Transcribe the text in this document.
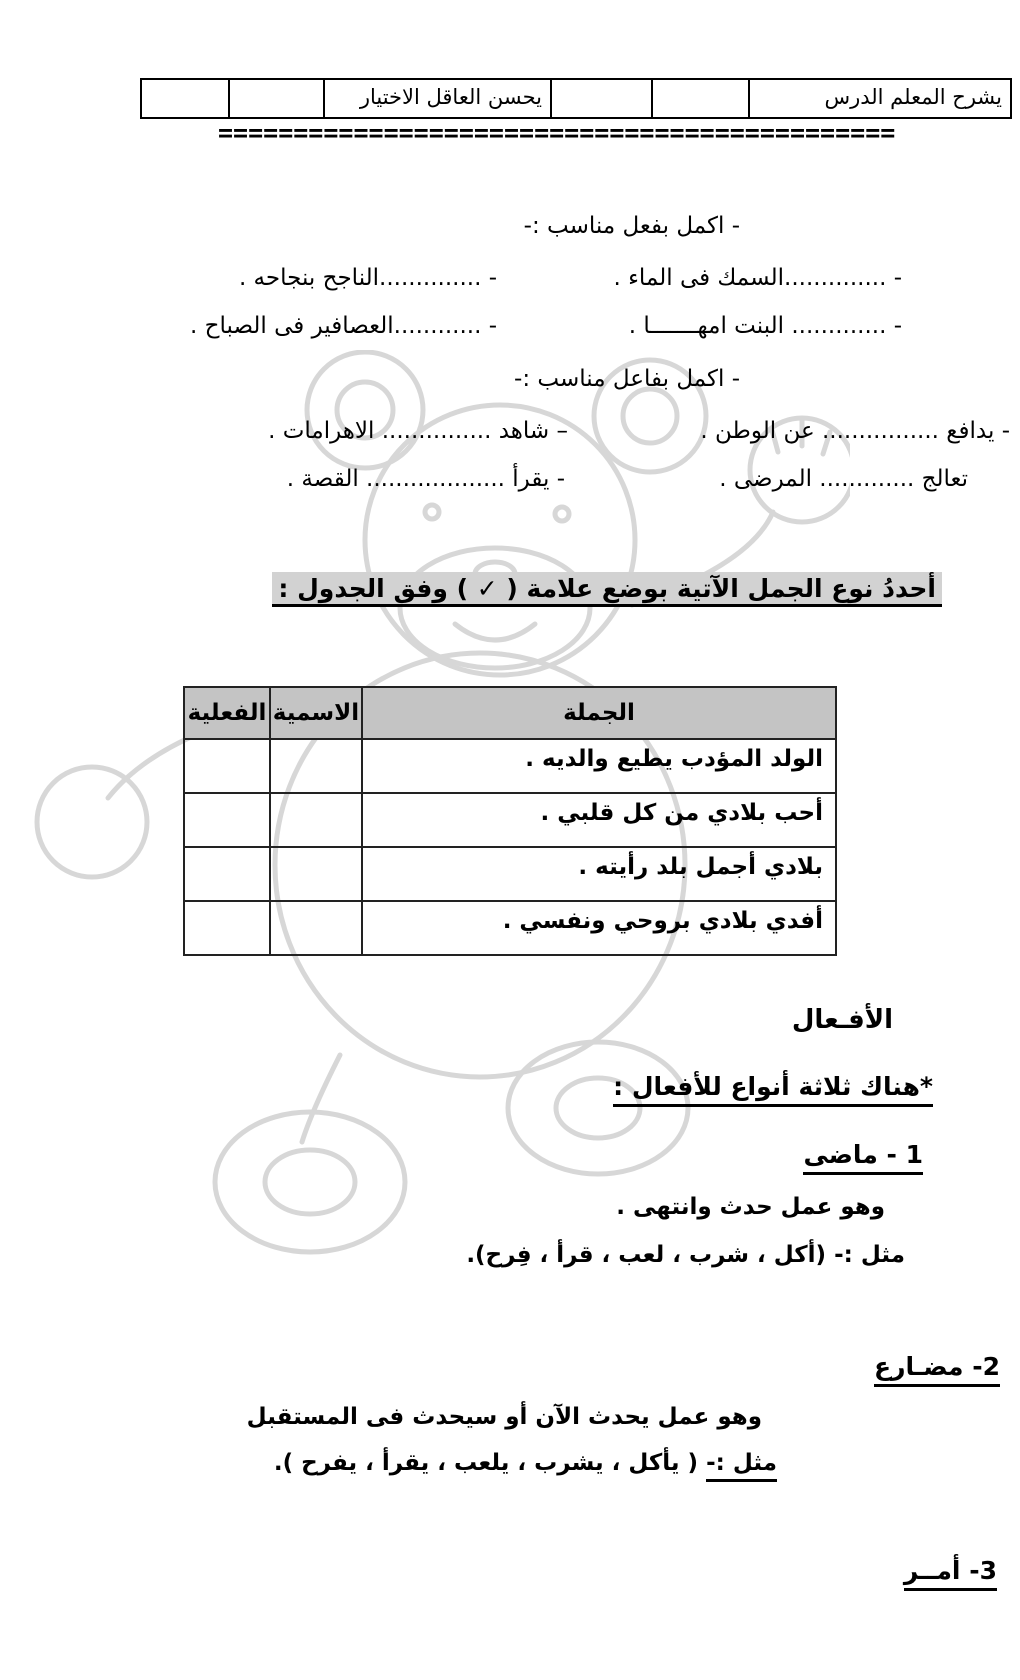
يشرح المعلم الدرس
يحسن العاقل الاختيار
=============================================
- اكمل بفعل مناسب :-
- ..............السمك فى الماء .
- ..............الناجح بنجاحه .
- ............. البنت امهـــــــا .
- ............العصافير فى الصباح .
- اكمل بفاعل مناسب :-
- يدافع ................ عن الوطن .
– شاهد ............... الاهرامات .
تعالج ............. المرضى .
- يقرأ ................... القصة .
أحددُ نوع الجمل الآتية بوضع علامة ( ✓ ) وفق الجدول :
الجملة	الاسمية	الفعلية
الولد المؤدب يطيع والديه .		
أحب بلادي من كل قلبي .		
بلادي أجمل بلد رأيته .		
أفدي بلادي بروحي ونفسي .		
الأفـعال
*هناك ثلاثة أنواع للأفعال :
1 - ماضى
وهو عمل حدث وانتهى .
مثل :- (أكل ، شرب ، لعب ، قرأ ، فِرح).
2- مضـارع
وهو عمل يحدث الآن أو سيحدث فى المستقبل
مثل :- ( يأكل ، يشرب ، يلعب ، يقرأ ، يفرح ).
3- أمــر
